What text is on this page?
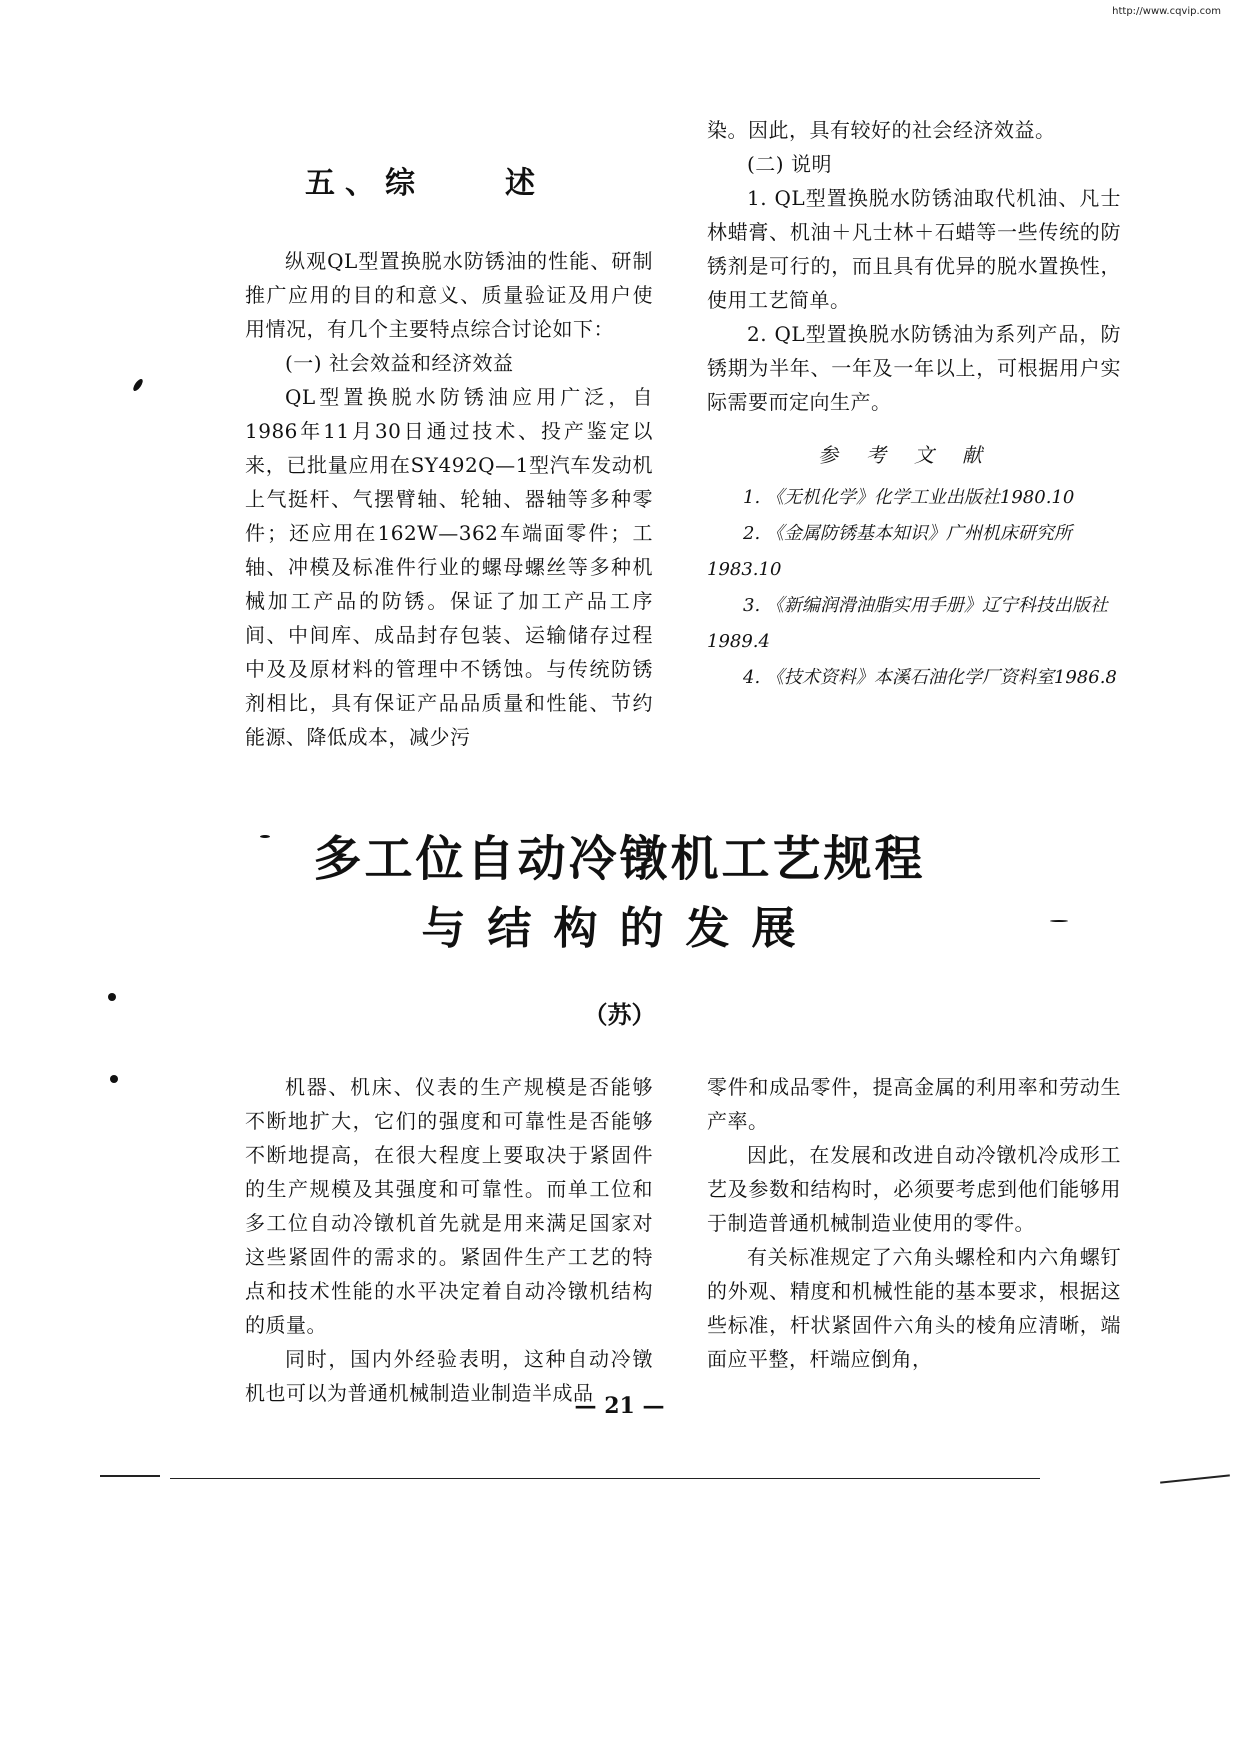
http://www.cqvip.com
五、综　　述

纵观QL型置换脱水防锈油的性能、研制推广应用的目的和意义、质量验证及用户使用情况，有几个主要特点综合讨论如下：

(一) 社会效益和经济效益

QL型置换脱水防锈油应用广泛，自1986年11月30日通过技术、投产鉴定以来，已批量应用在SY492Q—1型汽车发动机上气挺杆、气摆臂轴、轮轴、器轴等多种零件；还应用在162W—362车端面零件；工轴、冲模及标准件行业的螺母螺丝等多种机械加工产品的防锈。保证了加工产品工序间、中间库、成品封存包装、运输储存过程中及及原材料的管理中不锈蚀。与传统防锈剂相比，具有保证产品品质量和性能、节约能源、降低成本，减少污

染。因此，具有较好的社会经济效益。

(二) 说明

1. QL型置换脱水防锈油取代机油、凡士林蜡膏、机油＋凡士林＋石蜡等一些传统的防锈剂是可行的，而且具有优异的脱水置换性，使用工艺简单。

2. QL型置换脱水防锈油为系列产品，防锈期为半年、一年及一年以上，可根据用户实际需要而定向生产。

参考文献

1. 《无机化学》化学工业出版社1980.10

2. 《金属防锈基本知识》广州机床研究所1983.10

3. 《新编润滑油脂实用手册》辽宁科技出版社1989.4

4. 《技术资料》本溪石油化学厂资料室1986.8

多工位自动冷镦机工艺规程
与结构的发展
（苏）

机器、机床、仪表的生产规模是否能够不断地扩大，它们的强度和可靠性是否能够不断地提高，在很大程度上要取决于紧固件的生产规模及其强度和可靠性。而单工位和多工位自动冷镦机首先就是用来满足国家对这些紧固件的需求的。紧固件生产工艺的特点和技术性能的水平决定着自动冷镦机结构的质量。

同时，国内外经验表明，这种自动冷镦机也可以为普通机械制造业制造半成品

零件和成品零件，提高金属的利用率和劳动生产率。

因此，在发展和改进自动冷镦机冷成形工艺及参数和结构时，必须要考虑到他们能够用于制造普通机械制造业使用的零件。

有关标准规定了六角头螺栓和内六角螺钉的外观、精度和机械性能的基本要求，根据这些标准，杆状紧固件六角头的棱角应清晰，端面应平整，杆端应倒角，

— 21 —
